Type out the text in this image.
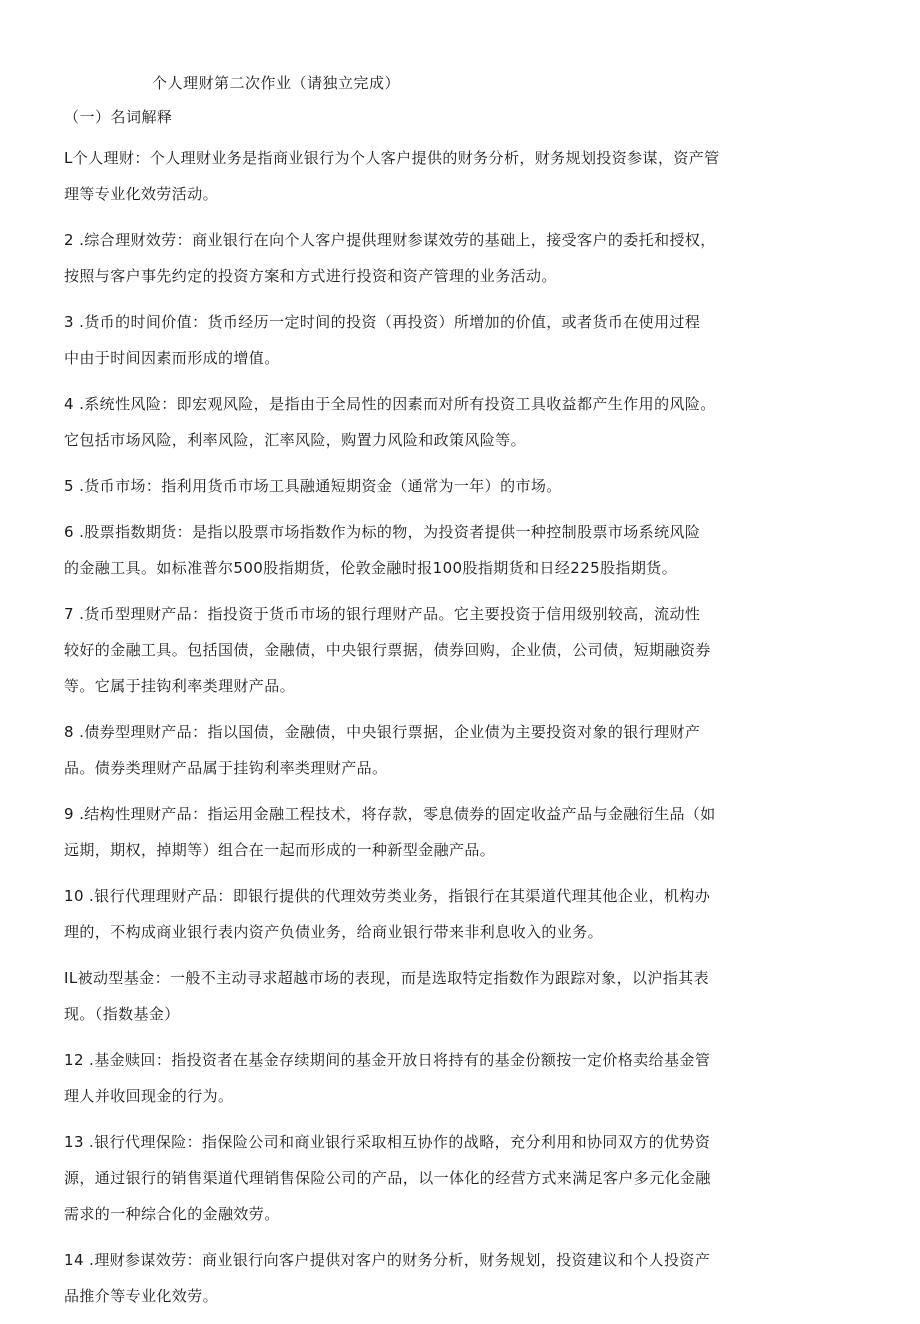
个人理财第二次作业（请独立完成）
（一）名词解释
L个人理财：个人理财业务是指商业银行为个人客户提供的财务分析，财务规划投资参谋，资产管
理等专业化效劳活动。
2 .综合理财效劳：商业银行在向个人客户提供理财参谋效劳的基础上，接受客户的委托和授权，
按照与客户事先约定的投资方案和方式进行投资和资产管理的业务活动。
3 .货币的时间价值：货币经历一定时间的投资（再投资）所增加的价值，或者货币在使用过程
中由于时间因素而形成的增值。
4 .系统性风险：即宏观风险，是指由于全局性的因素而对所有投资工具收益都产生作用的风险。
它包括市场风险，利率风险，汇率风险，购置力风险和政策风险等。
5 .货币市场：指利用货币市场工具融通短期资金（通常为一年）的市场。
6 .股票指数期货：是指以股票市场指数作为标的物，为投资者提供一种控制股票市场系统风险
的金融工具。如标准普尔500股指期货，伦敦金融时报100股指期货和日经225股指期货。
7 .货币型理财产品：指投资于货币市场的银行理财产品。它主要投资于信用级别较高，流动性
较好的金融工具。包括国债，金融债，中央银行票据，债券回购，企业债，公司债，短期融资券
等。它属于挂钩利率类理财产品。
8 .债券型理财产品：指以国债，金融债，中央银行票据，企业债为主要投资对象的银行理财产
品。债券类理财产品属于挂钩利率类理财产品。
9 .结构性理财产品：指运用金融工程技术，将存款，零息债券的固定收益产品与金融衍生品（如
远期，期权，掉期等）组合在一起而形成的一种新型金融产品。
10 .银行代理理财产品：即银行提供的代理效劳类业务，指银行在其渠道代理其他企业，机构办
理的，不构成商业银行表内资产负债业务，给商业银行带来非利息收入的业务。
IL被动型基金：一般不主动寻求超越市场的表现，而是选取特定指数作为跟踪对象，以沪指其表
现。（指数基金）
12 .基金赎回：指投资者在基金存续期间的基金开放日将持有的基金份额按一定价格卖给基金管
理人并收回现金的行为。
13 .银行代理保险：指保险公司和商业银行采取相互协作的战略，充分利用和协同双方的优势资
源，通过银行的销售渠道代理销售保险公司的产品，以一体化的经营方式来满足客户多元化金融
需求的一种综合化的金融效劳。
14 .理财参谋效劳：商业银行向客户提供对客户的财务分析，财务规划，投资建议和个人投资产
品推介等专业化效劳。
